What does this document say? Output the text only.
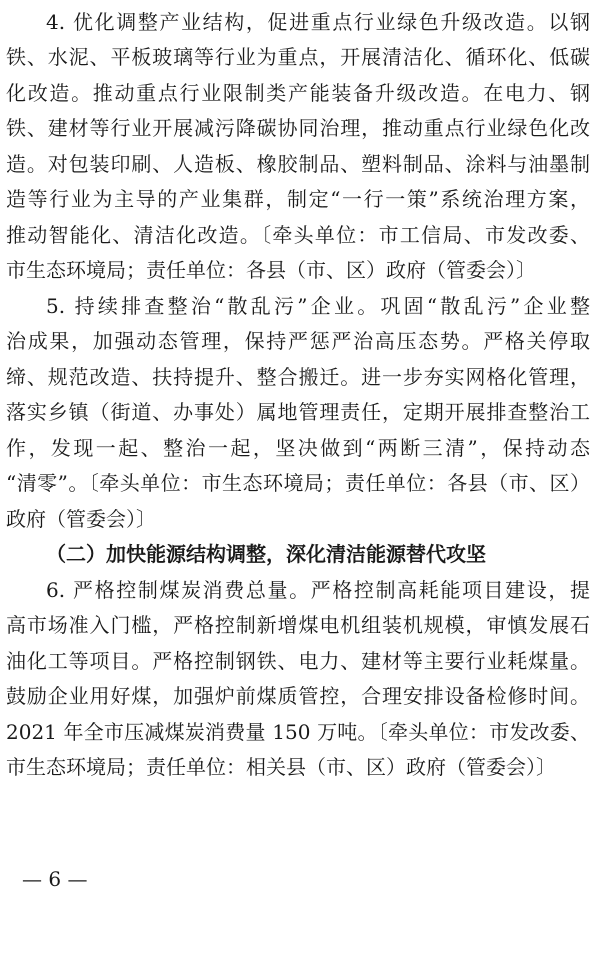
4. 优化调整产业结构，促进重点行业绿色升级改造。以钢
铁、水泥、平板玻璃等行业为重点，开展清洁化、循环化、低碳
化改造。推动重点行业限制类产能装备升级改造。在电力、钢
铁、建材等行业开展减污降碳协同治理，推动重点行业绿色化改
造。对包装印刷、人造板、橡胶制品、塑料制品、涂料与油墨制
造等行业为主导的产业集群，制定“一行一策”系统治理方案，
推动智能化、清洁化改造。〔牵头单位：市工信局、市发改委、
市生态环境局；责任单位：各县（市、区）政府（管委会）〕
5. 持续排查整治“散乱污”企业。巩固“散乱污”企业整
治成果，加强动态管理，保持严惩严治高压态势。严格关停取
缔、规范改造、扶持提升、整合搬迁。进一步夯实网格化管理，
落实乡镇（街道、办事处）属地管理责任，定期开展排查整治工
作，发现一起、整治一起，坚决做到“两断三清”，保持动态
“清零”。〔牵头单位：市生态环境局；责任单位：各县（市、区）
政府（管委会）〕
（二）加快能源结构调整，深化清洁能源替代攻坚
6. 严格控制煤炭消费总量。严格控制高耗能项目建设，提
高市场准入门槛，严格控制新增煤电机组装机规模，审慎发展石
油化工等项目。严格控制钢铁、电力、建材等主要行业耗煤量。
鼓励企业用好煤，加强炉前煤质管控，合理安排设备检修时间。
2021 年全市压减煤炭消费量 150 万吨。〔牵头单位：市发改委、
市生态环境局；责任单位：相关县（市、区）政府（管委会）〕
— 6 —
